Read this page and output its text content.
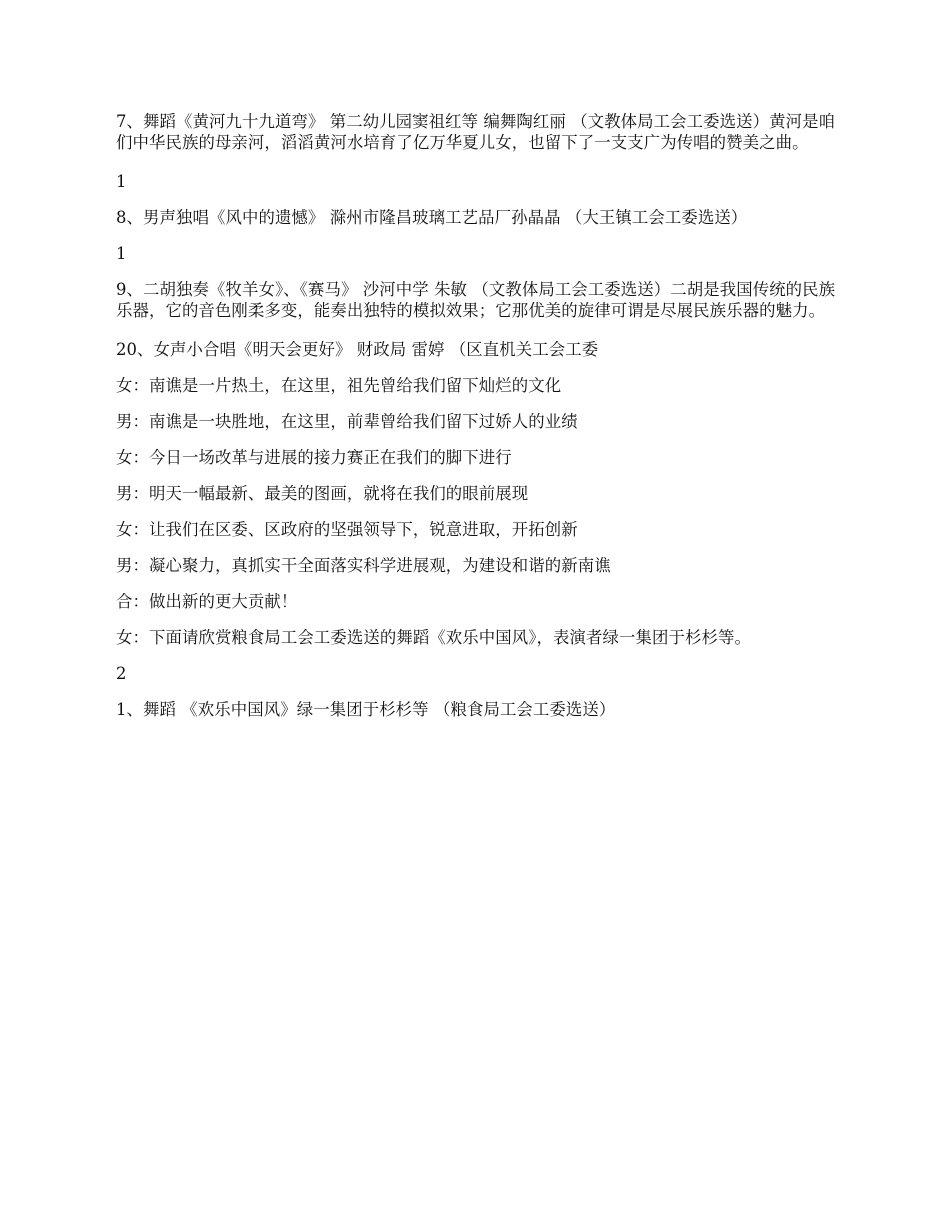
7、舞蹈《黄河九十九道弯》 第二幼儿园窦祖红等 编舞陶红丽 （文教体局工会工委选送）黄河是咱们中华民族的母亲河，滔滔黄河水培育了亿万华夏儿女，也留下了一支支广为传唱的赞美之曲。

1

8、男声独唱《风中的遗憾》 滁州市隆昌玻璃工艺品厂孙晶晶 （大王镇工会工委选送）

1

9、二胡独奏《牧羊女》、《赛马》 沙河中学 朱敏 （文教体局工会工委选送）二胡是我国传统的民族乐器，它的音色刚柔多变，能奏出独特的模拟效果；它那优美的旋律可谓是尽展民族乐器的魅力。

20、女声小合唱《明天会更好》 财政局 雷婷 （区直机关工会工委

女：南谯是一片热土，在这里，祖先曾给我们留下灿烂的文化

男：南谯是一块胜地，在这里，前辈曾给我们留下过娇人的业绩

女：今日一场改革与进展的接力赛正在我们的脚下进行

男：明天一幅最新、最美的图画，就将在我们的眼前展现

女：让我们在区委、区政府的坚强领导下，锐意进取，开拓创新

男：凝心聚力，真抓实干全面落实科学进展观，为建设和谐的新南谯

合：做出新的更大贡献！

女：下面请欣赏粮食局工会工委选送的舞蹈《欢乐中国风》，表演者绿一集团于杉杉等。

2

1、舞蹈 《欢乐中国风》绿一集团于杉杉等 （粮食局工会工委选送）
